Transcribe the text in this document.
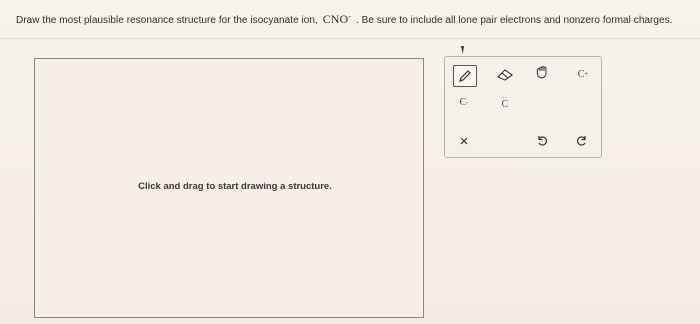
Draw the most plausible resonance structure for the isocyanate ion, CNO- . Be sure to include all lone pair electrons and nonzero formal charges.
Click and drag to start drawing a structure.
C +
C -
..
C
